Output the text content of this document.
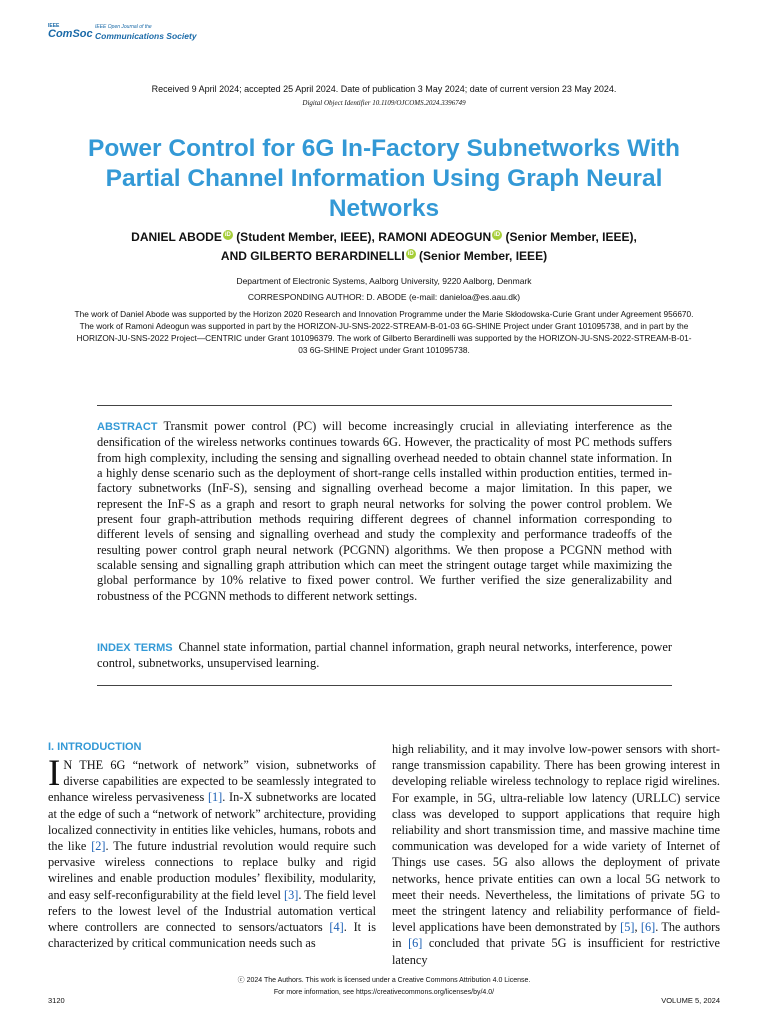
IEEE
ComSoc
IEEE Open Journal of the
Communications Society
Received 9 April 2024; accepted 25 April 2024. Date of publication 3 May 2024; date of current version 23 May 2024.
Digital Object Identifier 10.1109/OJCOMS.2024.3396749
Power Control for 6G In-Factory Subnetworks With Partial Channel Information Using Graph Neural Networks
DANIEL ABODE iD (Student Member, IEEE), RAMONI ADEOGUN iD (Senior Member, IEEE),
AND GILBERTO BERARDINELLI iD (Senior Member, IEEE)
Department of Electronic Systems, Aalborg University, 9220 Aalborg, Denmark
CORRESPONDING AUTHOR: D. ABODE (e-mail: danieloa@es.aau.dk)
The work of Daniel Abode was supported by the Horizon 2020 Research and Innovation Programme under the Marie Skłodowska-Curie Grant under Agreement 956670. The work of Ramoni Adeogun was supported in part by the HORIZON-JU-SNS-2022-STREAM-B-01-03 6G-SHINE Project under Grant 101095738, and in part by the HORIZON-JU-SNS-2022 Project—CENTRIC under Grant 101096379. The work of Gilberto Berardinelli was supported by the HORIZON-JU-SNS-2022-STREAM-B-01-03 6G-SHINE Project under Grant 101095738.
ABSTRACT Transmit power control (PC) will become increasingly crucial in alleviating interference as the densification of the wireless networks continues towards 6G. However, the practicality of most PC methods suffers from high complexity, including the sensing and signalling overhead needed to obtain channel state information. In a highly dense scenario such as the deployment of short-range cells installed within production entities, termed in-factory subnetworks (InF-S), sensing and signalling overhead become a major limitation. In this paper, we represent the InF-S as a graph and resort to graph neural networks for solving the power control problem. We present four graph-attribution methods requiring different degrees of channel information corresponding to different levels of sensing and signalling overhead and study the complexity and performance tradeoffs of the resulting power control graph neural network (PCGNN) algorithms. We then propose a PCGNN method with scalable sensing and signalling graph attribution which can meet the stringent outage target while maximizing the global performance by 10% relative to fixed power control. We further verified the size generalizability and robustness of the PCGNN methods to different network settings.
INDEX TERMS Channel state information, partial channel information, graph neural networks, interference, power control, subnetworks, unsupervised learning.
I. INTRODUCTION
I N THE 6G “network of network” vision, subnetworks of diverse capabilities are expected to be seamlessly integrated to enhance wireless pervasiveness [1]. In-X subnetworks are located at the edge of such a “network of network” architecture, providing localized connectivity in entities like vehicles, humans, robots and the like [2]. The future industrial revolution would require such pervasive wireless connections to replace bulky and rigid wirelines and enable production modules’ flexibility, modularity, and easy self-reconfigurability at the field level [3]. The field level refers to the lowest level of the Industrial automation vertical where controllers are connected to sensors/actuators [4]. It is characterized by critical communication needs such as
high reliability, and it may involve low-power sensors with short-range transmission capability. There has been growing interest in developing reliable wireless technology to replace rigid wirelines. For example, in 5G, ultra-reliable low latency (URLLC) service class was developed to support applications that require high reliability and short transmission time, and massive machine time communication was developed for a wide variety of Internet of Things use cases. 5G also allows the deployment of private networks, hence private entities can own a local 5G network to meet their needs. Nevertheless, the limitations of private 5G to meet the stringent latency and reliability performance of field-level applications have been demonstrated by [5], [6]. The authors in [6] concluded that private 5G is insufficient for restrictive latency
ⓒ 2024 The Authors. This work is licensed under a Creative Commons Attribution 4.0 License.
For more information, see https://creativecommons.org/licenses/by/4.0/
3120	VOLUME 5, 2024
